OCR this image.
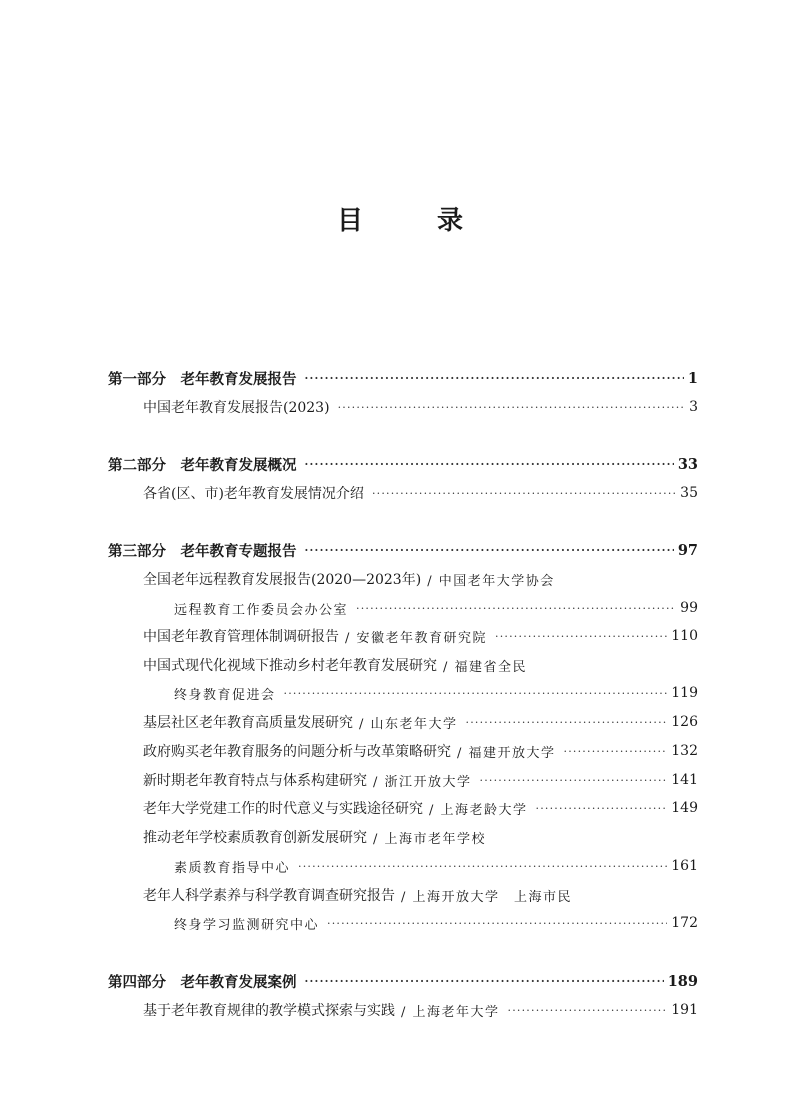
目　录
第一部分　老年教育发展报告 ·····	1
中国老年教育发展报告(2023) ·····	3
第二部分　老年教育发展概况 ·····	33
各省(区、市)老年教育发展情况介绍 ·····	35
第三部分　老年教育专题报告 ·····	97
全国老年远程教育发展报告(2020—2023年) / 中国老年大学协会
远程教育工作委员会办公室 ·····	99
中国老年教育管理体制调研报告 / 安徽老年教育研究院 ·····	110
中国式现代化视域下推动乡村老年教育发展研究 / 福建省全民
终身教育促进会 ·····	119
基层社区老年教育高质量发展研究 / 山东老年大学 ·····	126
政府购买老年教育服务的问题分析与改革策略研究 / 福建开放大学 ·····	132
新时期老年教育特点与体系构建研究 / 浙江开放大学 ·····	141
老年大学党建工作的时代意义与实践途径研究 / 上海老龄大学 ·····	149
推动老年学校素质教育创新发展研究 / 上海市老年学校
素质教育指导中心 ·····	161
老年人科学素养与科学教育调查研究报告 / 上海开放大学　上海市民
终身学习监测研究中心 ·····	172
第四部分　老年教育发展案例 ·····	189
基于老年教育规律的教学模式探索与实践 / 上海老年大学 ·····	191
